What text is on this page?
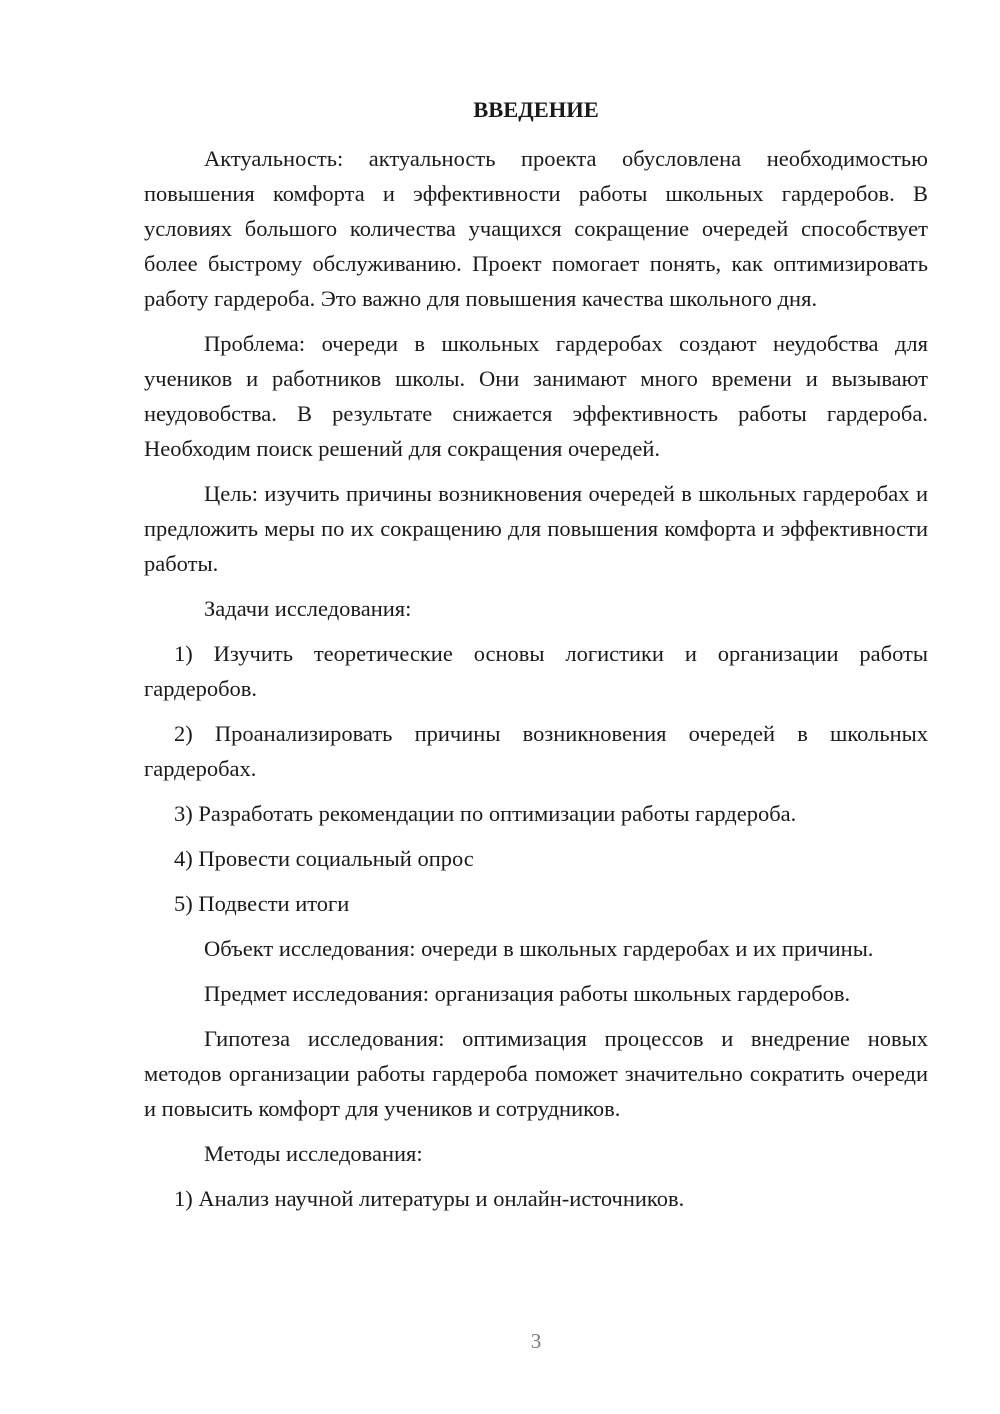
ВВЕДЕНИЕ

Актуальность: актуальность проекта обусловлена необходимостью повышения комфорта и эффективности работы школьных гардеробов. В условиях большого количества учащихся сокращение очередей способствует более быстрому обслуживанию. Проект помогает понять, как оптимизировать работу гардероба. Это важно для повышения качества школьного дня.

Проблема: очереди в школьных гардеробах создают неудобства для учеников и работников школы. Они занимают много времени и вызывают неудовобства. В результате снижается эффективность работы гардероба. Необходим поиск решений для сокращения очередей.

Цель: изучить причины возникновения очередей в школьных гардеробах и предложить меры по их сокращению для повышения комфорта и эффективности работы.

Задачи исследования:

1) Изучить теоретические основы логистики и организации работы гардеробов.

2) Проанализировать причины возникновения очередей в школьных гардеробах.

3) Разработать рекомендации по оптимизации работы гардероба.

4) Провести социальный опрос

5) Подвести итоги

Объект исследования: очереди в школьных гардеробах и их причины.

Предмет исследования: организация работы школьных гардеробов.

Гипотеза исследования: оптимизация процессов и внедрение новых методов организации работы гардероба поможет значительно сократить очереди и повысить комфорт для учеников и сотрудников.

Методы исследования:

1) Анализ научной литературы и онлайн-источников.

3
